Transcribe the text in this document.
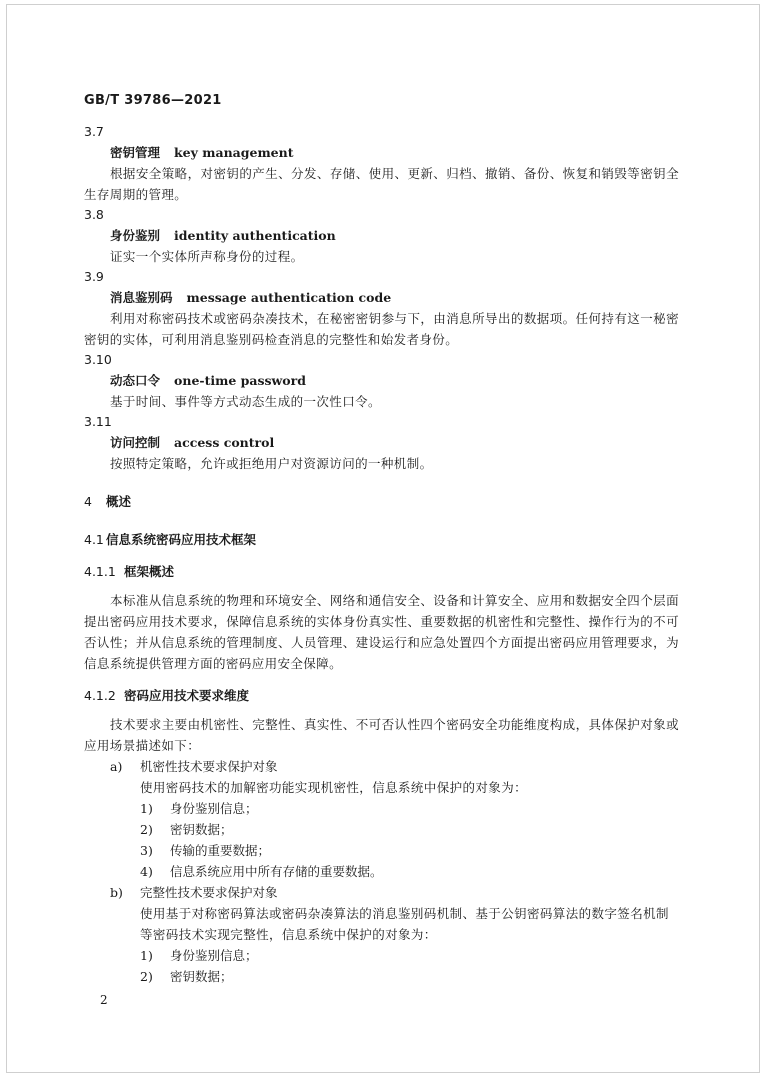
GB/T 39786—2021
3.7
密钥管理 key management
根据安全策略，对密钥的产生、分发、存储、使用、更新、归档、撤销、备份、恢复和销毁等密钥全生存周期的管理。
3.8
身份鉴别 identity authentication
证实一个实体所声称身份的过程。
3.9
消息鉴别码 message authentication code
利用对称密码技术或密码杂凑技术，在秘密密钥参与下，由消息所导出的数据项。任何持有这一秘密密钥的实体，可利用消息鉴别码检查消息的完整性和始发者身份。
3.10
动态口令 one-time password
基于时间、事件等方式动态生成的一次性口令。
3.11
访问控制 access control
按照特定策略，允许或拒绝用户对资源访问的一种机制。
4 概述
4.1 信息系统密码应用技术框架
4.1.1 框架概述
本标准从信息系统的物理和环境安全、网络和通信安全、设备和计算安全、应用和数据安全四个层面提出密码应用技术要求，保障信息系统的实体身份真实性、重要数据的机密性和完整性、操作行为的不可否认性；并从信息系统的管理制度、人员管理、建设运行和应急处置四个方面提出密码应用管理要求，为信息系统提供管理方面的密码应用安全保障。
4.1.2 密码应用技术要求维度
技术要求主要由机密性、完整性、真实性、不可否认性四个密码安全功能维度构成，具体保护对象或应用场景描述如下：
a) 机密性技术要求保护对象
使用密码技术的加解密功能实现机密性，信息系统中保护的对象为：
1) 身份鉴别信息；
2) 密钥数据；
3) 传输的重要数据；
4) 信息系统应用中所有存储的重要数据。
b) 完整性技术要求保护对象
使用基于对称密码算法或密码杂凑算法的消息鉴别码机制、基于公钥密码算法的数字签名机制等密码技术实现完整性，信息系统中保护的对象为：
1) 身份鉴别信息；
2) 密钥数据；
2
